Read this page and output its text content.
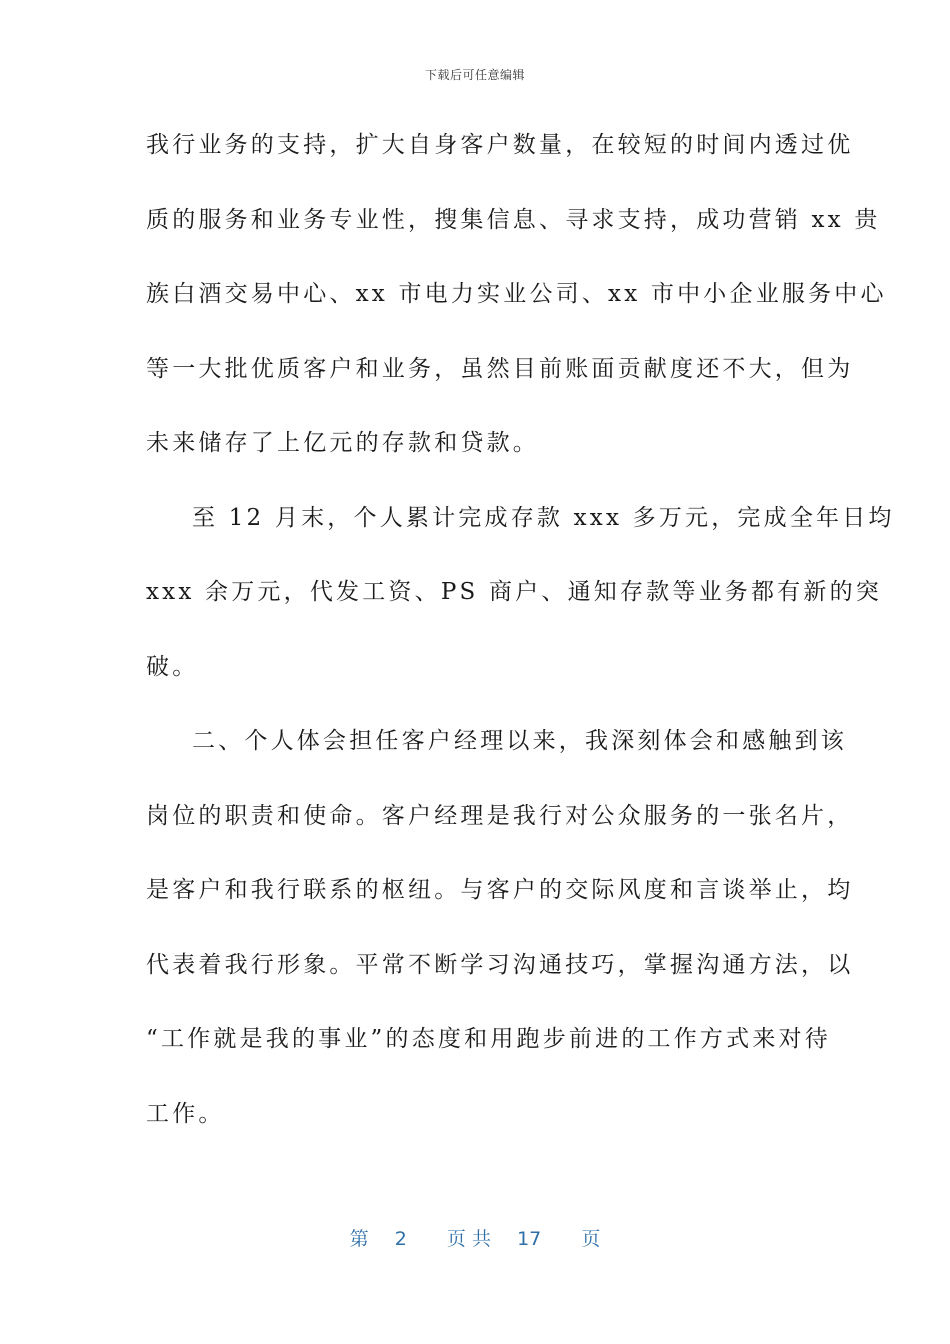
下载后可任意编辑
我行业务的支持，扩大自身客户数量，在较短的时间内透过优
质的服务和业务专业性，搜集信息、寻求支持，成功营销 xx 贵
族白酒交易中心、xx 市电力实业公司、xx 市中小企业服务中心
等一大批优质客户和业务，虽然目前账面贡献度还不大，但为
未来储存了上亿元的存款和贷款。
至 12 月末，个人累计完成存款 xxx 多万元，完成全年日均
xxx 余万元，代发工资、PS 商户、通知存款等业务都有新的突
破。
二、个人体会担任客户经理以来，我深刻体会和感触到该
岗位的职责和使命。客户经理是我行对公众服务的一张名片，
是客户和我行联系的枢纽。与客户的交际风度和言谈举止，均
代表着我行形象。平常不断学习沟通技巧，掌握沟通方法，以
“工作就是我的事业”的态度和用跑步前进的工作方式来对待
工作。
第 2 页 共 17 页
